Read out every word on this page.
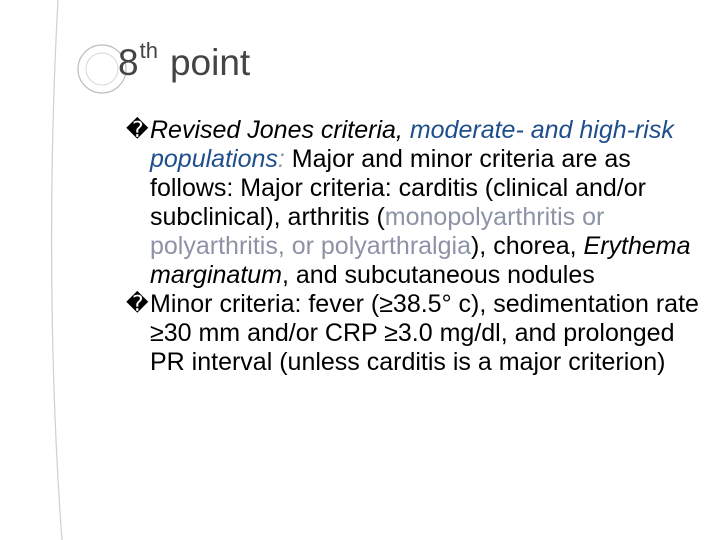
8th point
� Revised Jones criteria, moderate- and high-risk populations: Major and minor criteria are as follows: Major criteria: carditis (clinical and/or subclinical), arthritis (monopolyarthritis or polyarthritis, or polyarthralgia), chorea, Erythema marginatum, and subcutaneous nodules
� Minor criteria: fever (≥38.5° c), sedimentation rate ≥30 mm and/or CRP ≥3.0 mg/dl, and prolonged PR interval (unless carditis is a major criterion)
